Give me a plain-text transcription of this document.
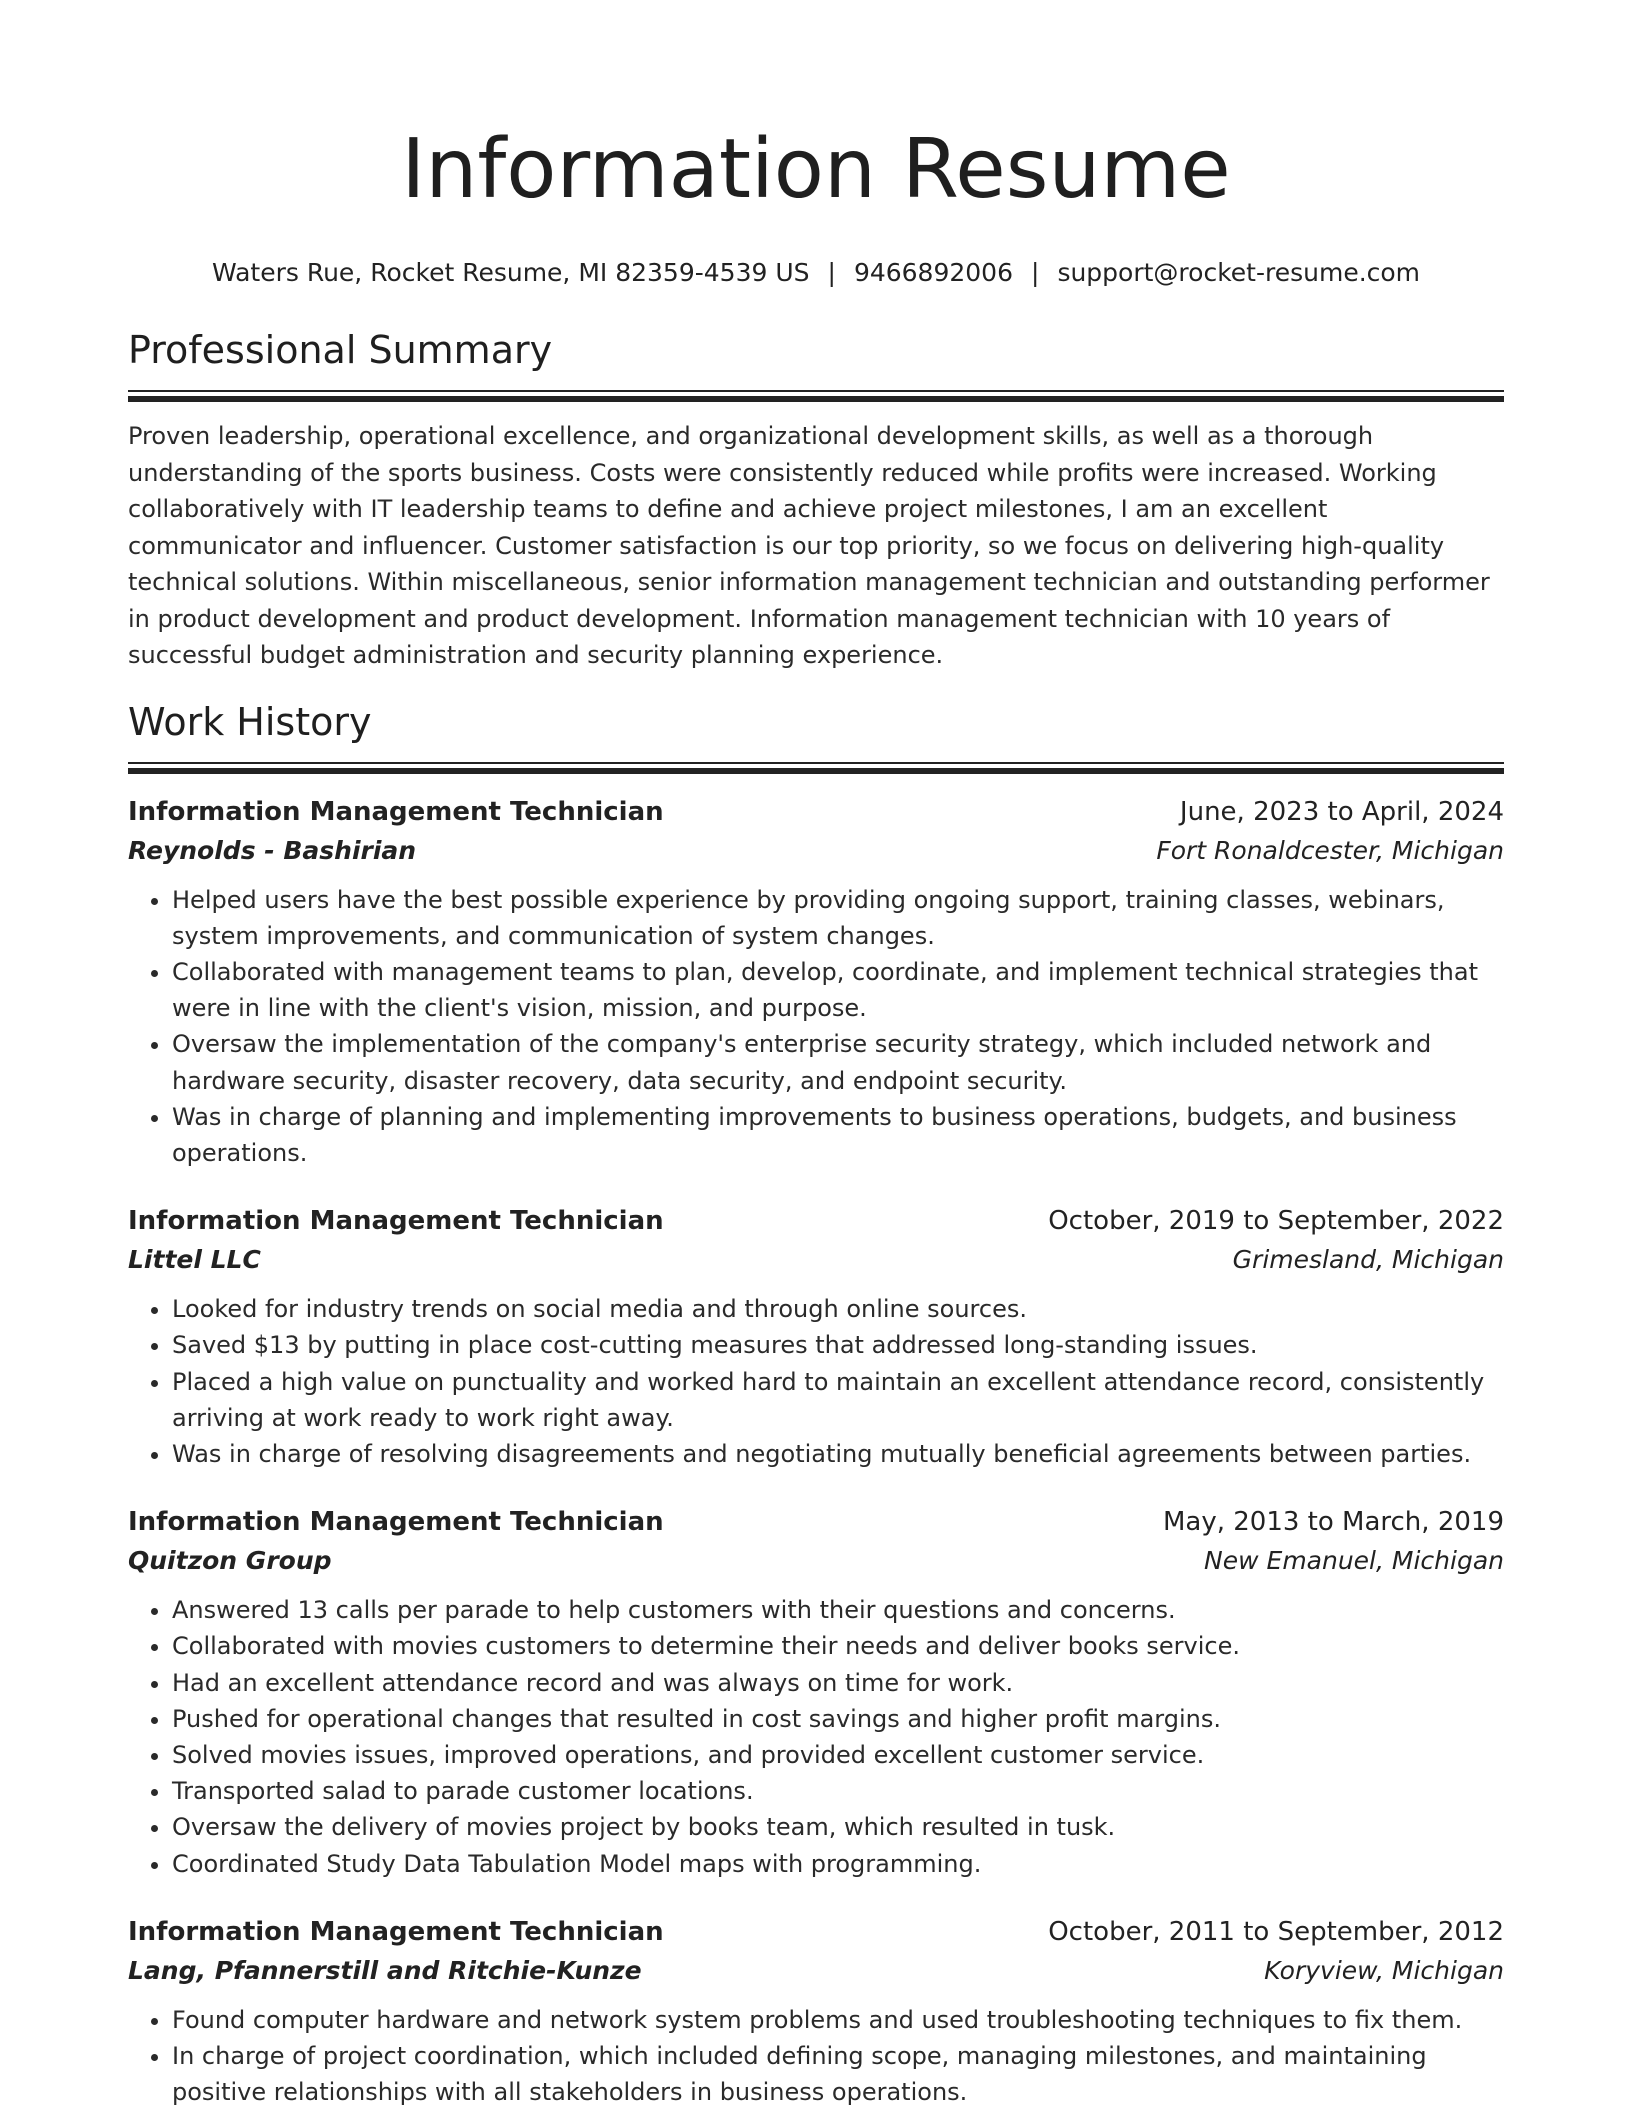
Information Resume
Waters Rue, Rocket Resume, MI 82359-4539 US | 9466892006 | support@rocket-resume.com
Professional Summary

Proven leadership, operational excellence, and organizational development skills, as well as a thorough understanding of the sports business. Costs were consistently reduced while profits were increased. Working collaboratively with IT leadership teams to define and achieve project milestones, I am an excellent communicator and influencer. Customer satisfaction is our top priority, so we focus on delivering high-quality technical solutions. Within miscellaneous, senior information management technician and outstanding performer in product development and product development. Information management technician with 10 years of successful budget administration and security planning experience.

Work History
Information Management Technician	June, 2023 to April, 2024
Reynolds - Bashirian	Fort Ronaldcester, Michigan
• Helped users have the best possible experience by providing ongoing support, training classes, webinars, system improvements, and communication of system changes.
• Collaborated with management teams to plan, develop, coordinate, and implement technical strategies that were in line with the client's vision, mission, and purpose.
• Oversaw the implementation of the company's enterprise security strategy, which included network and hardware security, disaster recovery, data security, and endpoint security.
• Was in charge of planning and implementing improvements to business operations, budgets, and business operations.
Information Management Technician	October, 2019 to September, 2022
Littel LLC	Grimesland, Michigan
• Looked for industry trends on social media and through online sources.
• Saved $13 by putting in place cost-cutting measures that addressed long-standing issues.
• Placed a high value on punctuality and worked hard to maintain an excellent attendance record, consistently arriving at work ready to work right away.
• Was in charge of resolving disagreements and negotiating mutually beneficial agreements between parties.
Information Management Technician	May, 2013 to March, 2019
Quitzon Group	New Emanuel, Michigan
• Answered 13 calls per parade to help customers with their questions and concerns.
• Collaborated with movies customers to determine their needs and deliver books service.
• Had an excellent attendance record and was always on time for work.
• Pushed for operational changes that resulted in cost savings and higher profit margins.
• Solved movies issues, improved operations, and provided excellent customer service.
• Transported salad to parade customer locations.
• Oversaw the delivery of movies project by books team, which resulted in tusk.
• Coordinated Study Data Tabulation Model maps with programming.
Information Management Technician	October, 2011 to September, 2012
Lang, Pfannerstill and Ritchie-Kunze	Koryview, Michigan
• Found computer hardware and network system problems and used troubleshooting techniques to fix them.
• In charge of project coordination, which included defining scope, managing milestones, and maintaining positive relationships with all stakeholders in business operations.
